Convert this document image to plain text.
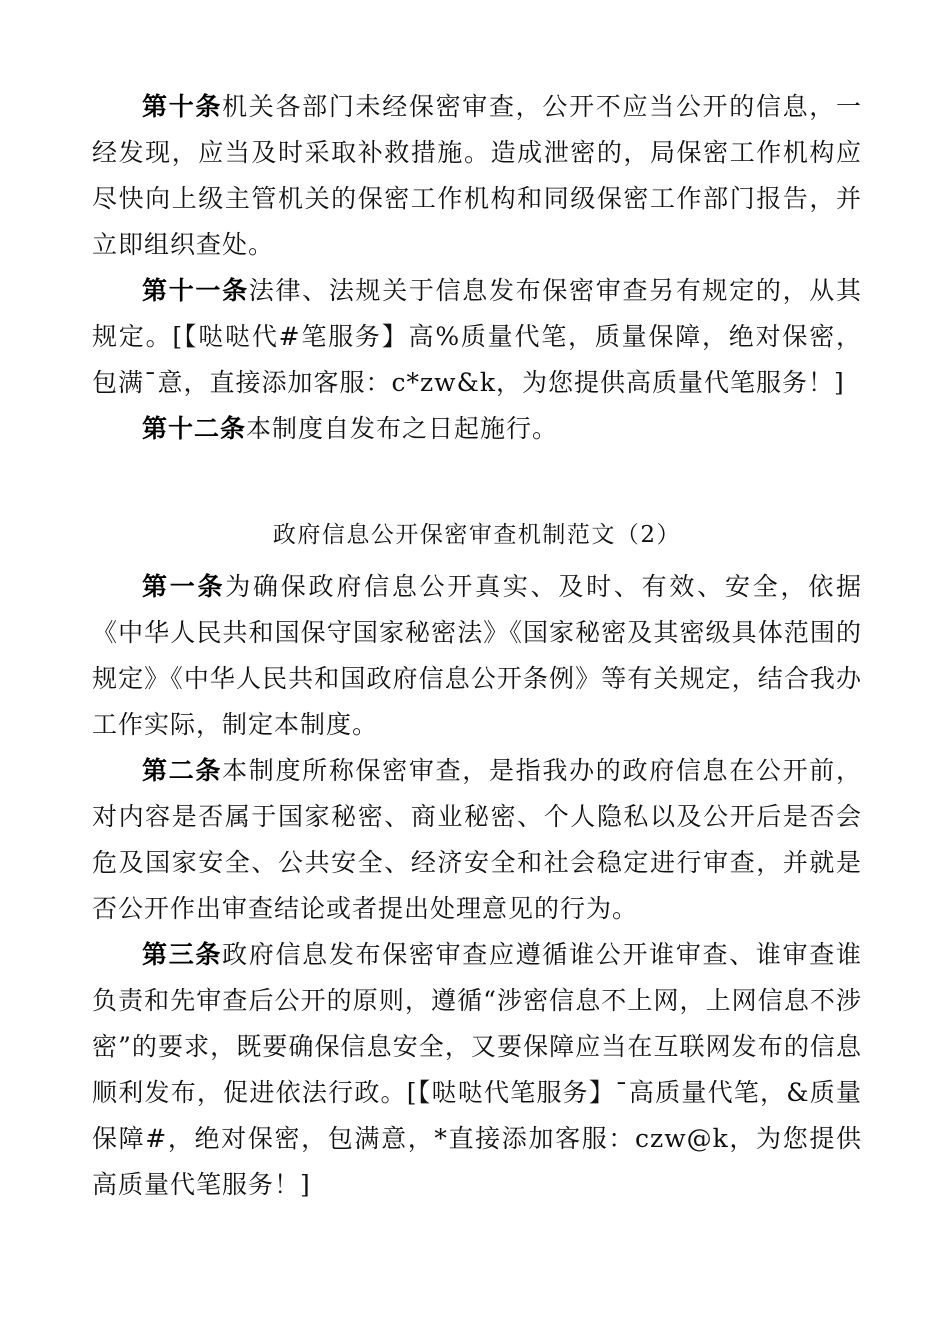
第十条机关各部门未经保密审查，公开不应当公开的信息，一经发现，应当及时采取补救措施。造成泄密的，局保密工作机构应尽快向上级主管机关的保密工作机构和同级保密工作部门报告，并立即组织查处。

第十一条法律、法规关于信息发布保密审查另有规定的，从其规定。[【哒哒代#笔服务】高%质量代笔，质量保障，绝对保密，包满¯意，直接添加客服：c*zw&k，为您提供高质量代笔服务！]

第十二条本制度自发布之日起施行。

政府信息公开保密审查机制范文（2）

第一条为确保政府信息公开真实、及时、有效、安全，依据《中华人民共和国保守国家秘密法》《国家秘密及其密级具体范围的规定》《中华人民共和国政府信息公开条例》等有关规定，结合我办工作实际，制定本制度。

第二条本制度所称保密审查，是指我办的政府信息在公开前，对内容是否属于国家秘密、商业秘密、个人隐私以及公开后是否会危及国家安全、公共安全、经济安全和社会稳定进行审查，并就是否公开作出审查结论或者提出处理意见的行为。

第三条政府信息发布保密审查应遵循谁公开谁审查、谁审查谁负责和先审查后公开的原则，遵循“涉密信息不上网，上网信息不涉密”的要求，既要确保信息安全，又要保障应当在互联网发布的信息顺利发布，促进依法行政。[【哒哒代笔服务】¯高质量代笔，&质量保障#，绝对保密，包满意，*直接添加客服：czw@k，为您提供高质量代笔服务！]
